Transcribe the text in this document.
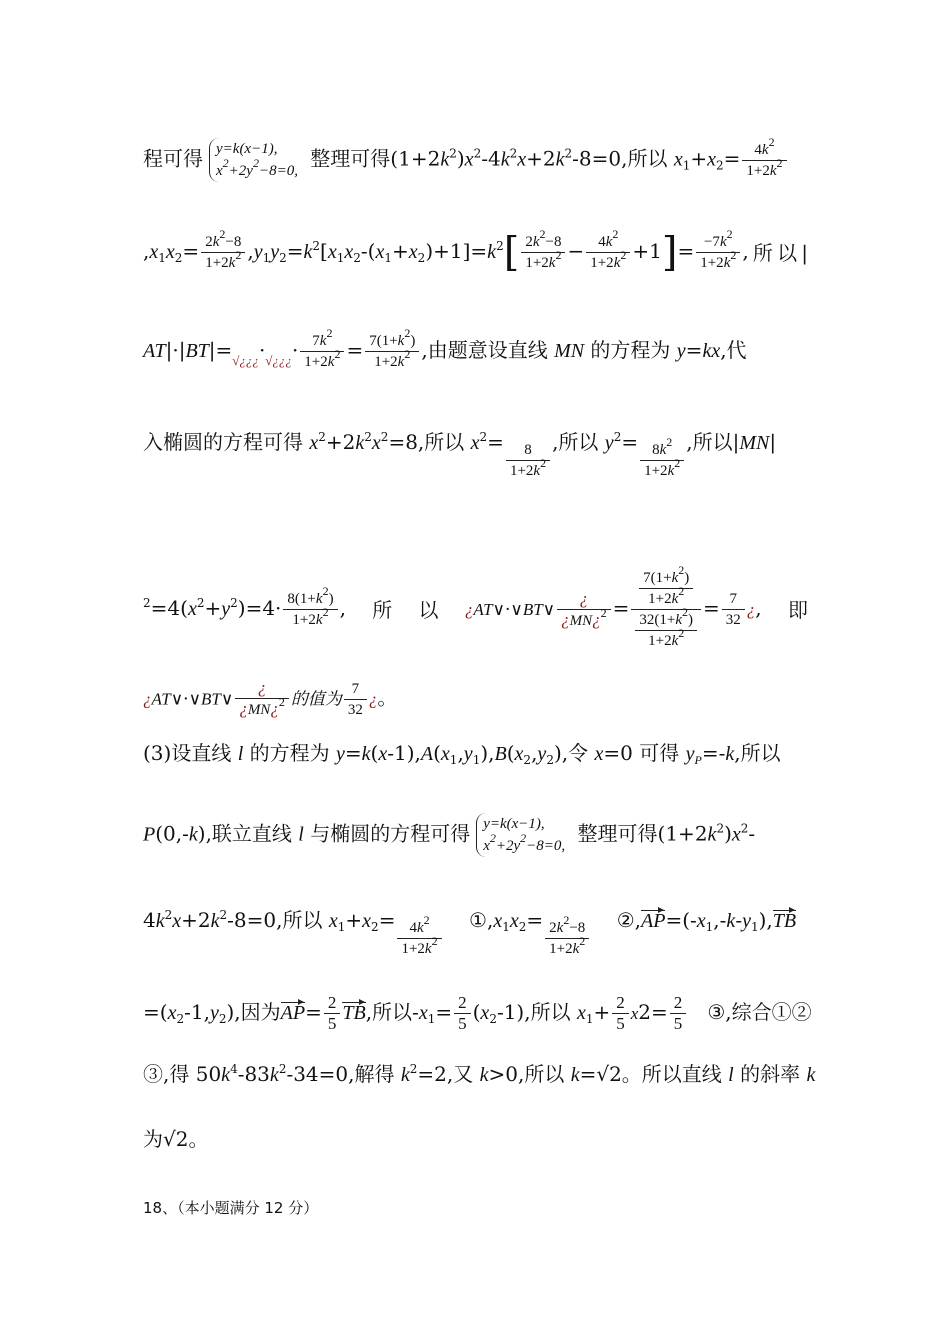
程可得 y=k(x−1),
$x^2+2y^2-8=0$,
整理可得$(1+2k^2)x^2-4k^2x+2k^2-8=0$,所以 $x_1+x_2= \frac{4k^2}{1+2k^2}$
$,x_1x_2= \frac{2k^2-8}{1+2k^2} ,y_1y_2=k^2[x_1x_2-(x_1+x_2)+1]=k^2[ \frac{2k^2-8}{1+2k^2} - \frac{4k^2}{1+2k^2} +1]= \frac{-7k^2}{1+2k^2}$ , 所 以 |
$AT|\cdot|BT|=_{√¿¿¿}\cdot_{√¿¿¿}\cdot \frac{7k^2}{1+2k^2} = \frac{7(1+k^2)}{1+2k^2}$ ,由题意设直线 MN 的方程为 y=kx,代
入椭圆的方程可得 $x^2+2k^2x^2=8$,所以 $x^2= \frac{8}{1+2k^2}$ ,所以 $y^2= \frac{8k^2}{1+2k^2}$ ,所以|MN|
$^2=4(x^2+y^2)=4\cdot \frac{8(1+k^2)}{1+2k^2}$ , 所 以 ¿AT∨·∨BT∨ $\frac{¿}{¿MN¿^2} = \frac{\frac{7(1+k^2)}{1+2k^2}}{\frac{32(1+k^2)}{1+2k^2}} = \frac{7}{32}$ ¿, 即
¿AT∨·∨BT∨ $\frac{¿}{¿MN¿^2}$ 的值为 $\frac{7}{32}$ ¿。
(3)设直线 l 的方程为 $y=k(x-1),A(x_1,y_1),B(x_2,y_2)$,令 x=0 可得 $y_P=-k$,所以
P(0,-k),联立直线 l 与椭圆的方程可得 y=k(x−1),
$x^2+2y^2-8=0$,
整理可得$(1+2k^2)x^2-$
$4k^2x+2k^2-8=0$,所以 $x_1+x_2= \frac{4k^2}{1+2k^2}$ $①,x_1x_2= \frac{2k^2-8}{1+2k^2}$ $②,AP=(-x_1,-k-y_1),TB$
$=(x_2-1,y_2)$,因为$AP= \frac{2}{5}$ TB,所以$-x_1= \frac{2}{5} (x_2-1)$,所以 $x_1+ \frac{2}{5} x2= \frac{2}{5}$ ③,综合①②
③,得 $50k^4-83k^2-34=0$,解得 $k^2=2$,又 k>0,所以 k=√2。所以直线 l 的斜率 k
为√2。
18、（本小题满分 12 分）
